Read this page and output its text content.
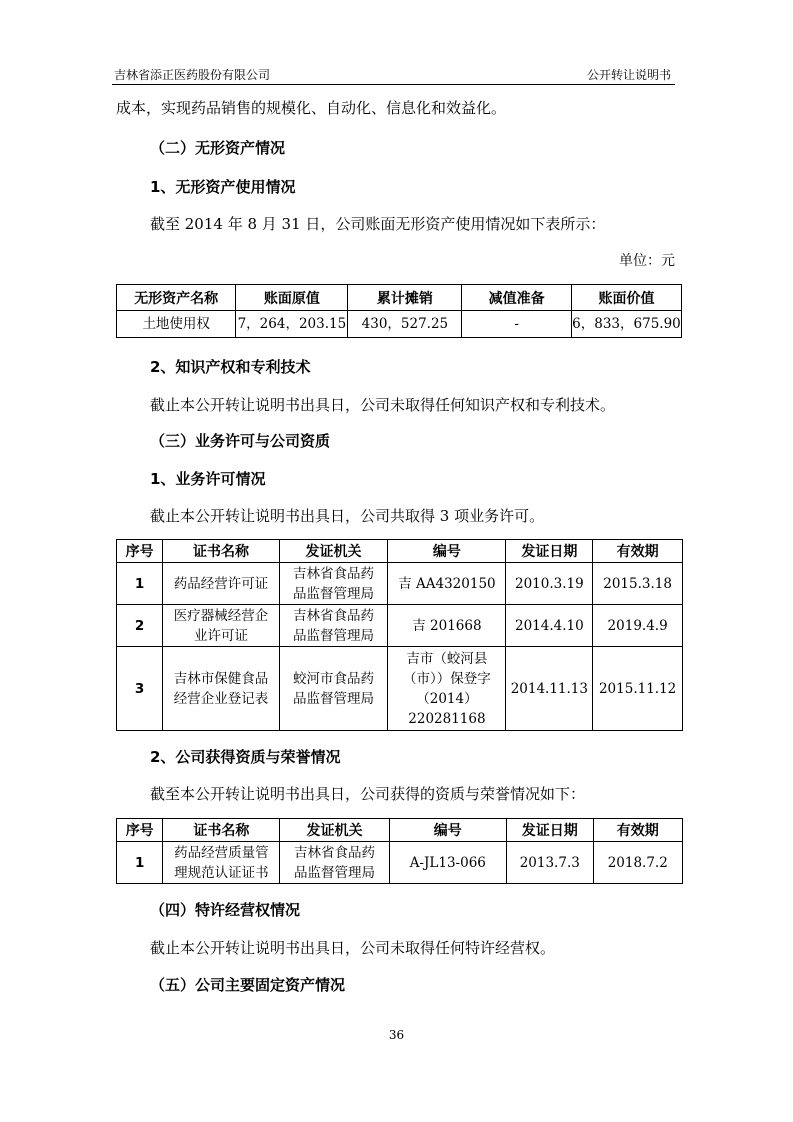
吉林省添正医药股份有限公司	公开转让说明书
成本，实现药品销售的规模化、自动化、信息化和效益化。
（二）无形资产情况
1、无形资产使用情况
截至 2014 年 8 月 31 日，公司账面无形资产使用情况如下表所示：
单位：元
无形资产名称	账面原值	累计摊销	减值准备	账面价值
土地使用权	7，264，203.15	430，527.25	-	6，833，675.90
2、知识产权和专利技术
截止本公开转让说明书出具日，公司未取得任何知识产权和专利技术。
（三）业务许可与公司资质
1、业务许可情况
截止本公开转让说明书出具日，公司共取得 3 项业务许可。
序号	证书名称	发证机关	编号	发证日期	有效期
1	药品经营许可证	吉林省食品药
品监督管理局	吉 AA4320150	2010.3.19	2015.3.18
2	医疗器械经营企
业许可证	吉林省食品药
品监督管理局	吉 201668	2014.4.10	2019.4.9
3	吉林市保健食品
经营企业登记表	蛟河市食品药
品监督管理局	吉市（蛟河县
（市））保登字
（2014）
220281168	2014.11.13	2015.11.12
2、公司获得资质与荣誉情况
截至本公开转让说明书出具日，公司获得的资质与荣誉情况如下：
序号	证书名称	发证机关	编号	发证日期	有效期
1	药品经营质量管
理规范认证证书	吉林省食品药
品监督管理局	A-JL13-066	2013.7.3	2018.7.2
（四）特许经营权情况
截止本公开转让说明书出具日，公司未取得任何特许经营权。
（五）公司主要固定资产情况
36
